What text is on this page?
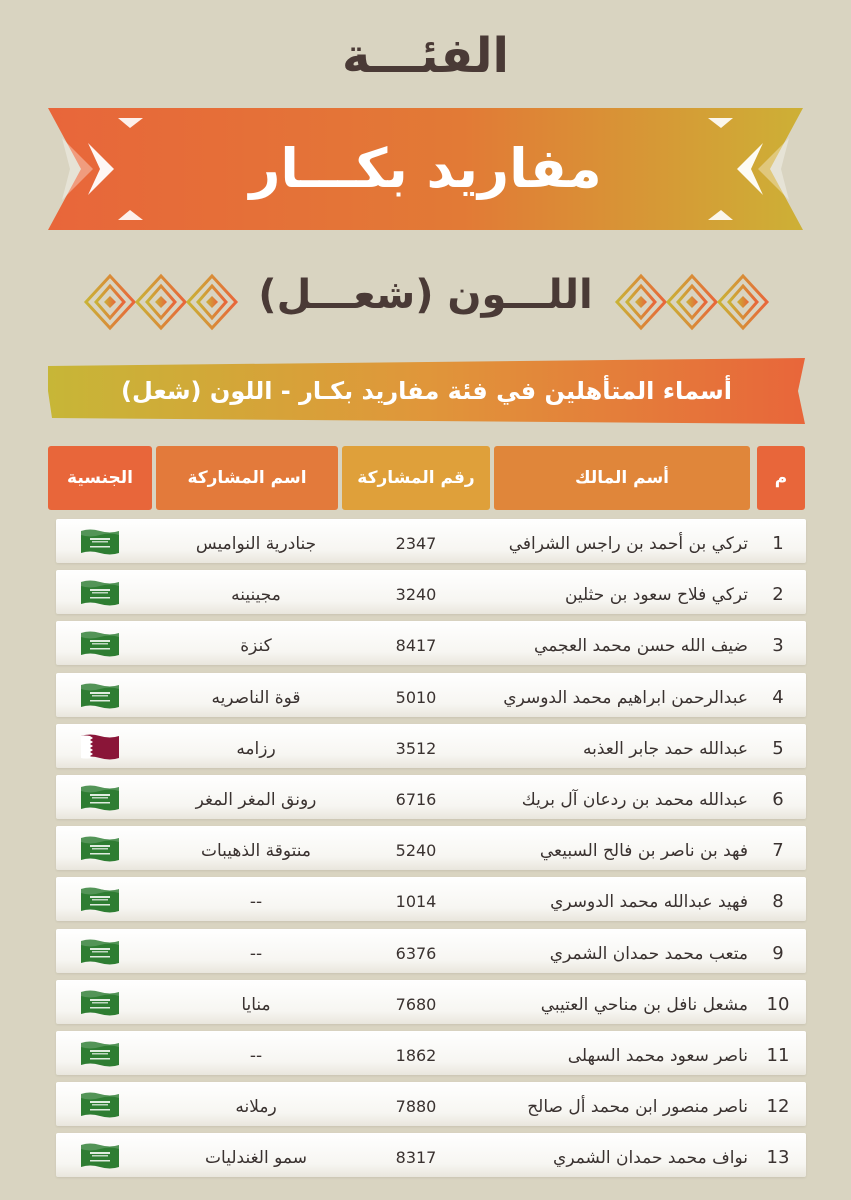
الفئـــة
مفاريد بكـــار
اللـــون (شعـــل)
أسماء المتأهلين في فئة مفاريد بكـار - اللون (شعل)
م
أسم المالك
رقم المشاركة
اسم المشاركة
الجنسية
1
تركي بن أحمد بن راجس الشرافي
2347
جنادرية النواميس
2
تركي فلاح سعود بن حثلين
3240
مجينينه
3
ضيف الله حسن محمد العجمي
8417
كنزة
4
عبدالرحمن ابراهيم محمد الدوسري
5010
قوة الناصريه
5
عبدالله حمد جابر العذبه
3512
رزامه
6
عبدالله محمد بن ردعان آل بريك
6716
رونق المغر المغر
7
فهد بن ناصر بن فالح السبيعي
5240
منتوقة الذهيبات
8
فهيد عبدالله محمد الدوسري
1014
--
9
متعب محمد حمدان الشمري
6376
--
10
مشعل نافل بن مناحي العتيبي
7680
منايا
11
ناصر سعود محمد السهلى
1862
--
12
ناصر منصور ابن محمد أل صالح
7880
رملانه
13
نواف محمد حمدان الشمري
8317
سمو الغندليات
